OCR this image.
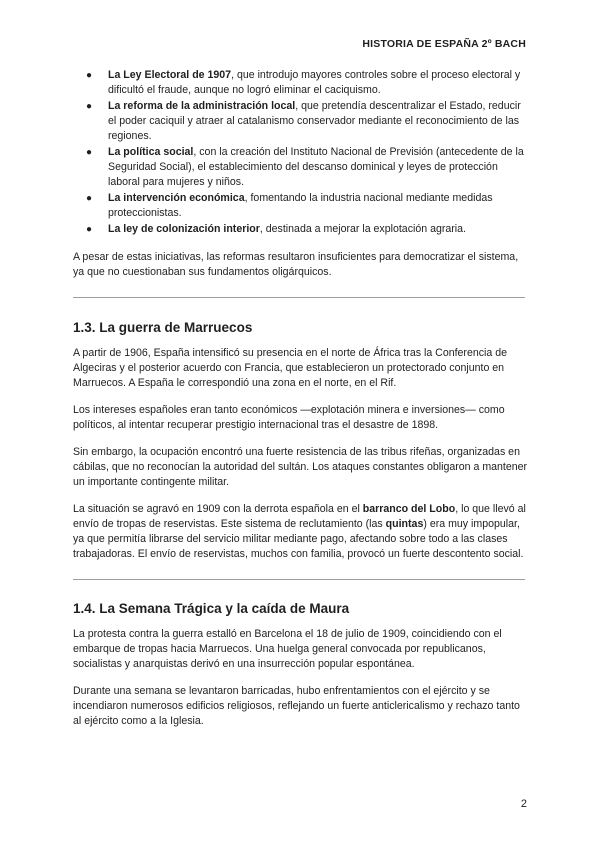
HISTORIA DE ESPAÑA 2º BACH
● La Ley Electoral de 1907, que introdujo mayores controles sobre el proceso electoral y dificultó el fraude, aunque no logró eliminar el caciquismo.
● La reforma de la administración local, que pretendía descentralizar el Estado, reducir el poder caciquil y atraer al catalanismo conservador mediante el reconocimiento de las regiones.
● La política social, con la creación del Instituto Nacional de Previsión (antecedente de la Seguridad Social), el establecimiento del descanso dominical y leyes de protección laboral para mujeres y niños.
● La intervención económica, fomentando la industria nacional mediante medidas proteccionistas.
● La ley de colonización interior, destinada a mejorar la explotación agraria.

A pesar de estas iniciativas, las reformas resultaron insuficientes para democratizar el sistema, ya que no cuestionaban sus fundamentos oligárquicos.

1.3. La guerra de Marruecos

A partir de 1906, España intensificó su presencia en el norte de África tras la Conferencia de Algeciras y el posterior acuerdo con Francia, que establecieron un protectorado conjunto en Marruecos. A España le correspondió una zona en el norte, en el Rif.

Los intereses españoles eran tanto económicos —explotación minera e inversiones— como políticos, al intentar recuperar prestigio internacional tras el desastre de 1898.

Sin embargo, la ocupación encontró una fuerte resistencia de las tribus rifeñas, organizadas en cábilas, que no reconocían la autoridad del sultán. Los ataques constantes obligaron a mantener un importante contingente militar.

La situación se agravó en 1909 con la derrota española en el barranco del Lobo, lo que llevó al envío de tropas de reservistas. Este sistema de reclutamiento (las quintas) era muy impopular, ya que permitía librarse del servicio militar mediante pago, afectando sobre todo a las clases trabajadoras. El envío de reservistas, muchos con familia, provocó un fuerte descontento social.

1.4. La Semana Trágica y la caída de Maura

La protesta contra la guerra estalló en Barcelona el 18 de julio de 1909, coincidiendo con el embarque de tropas hacia Marruecos. Una huelga general convocada por republicanos, socialistas y anarquistas derivó en una insurrección popular espontánea.

Durante una semana se levantaron barricadas, hubo enfrentamientos con el ejército y se incendiaron numerosos edificios religiosos, reflejando un fuerte anticlericalismo y rechazo tanto al ejército como a la Iglesia.

2
